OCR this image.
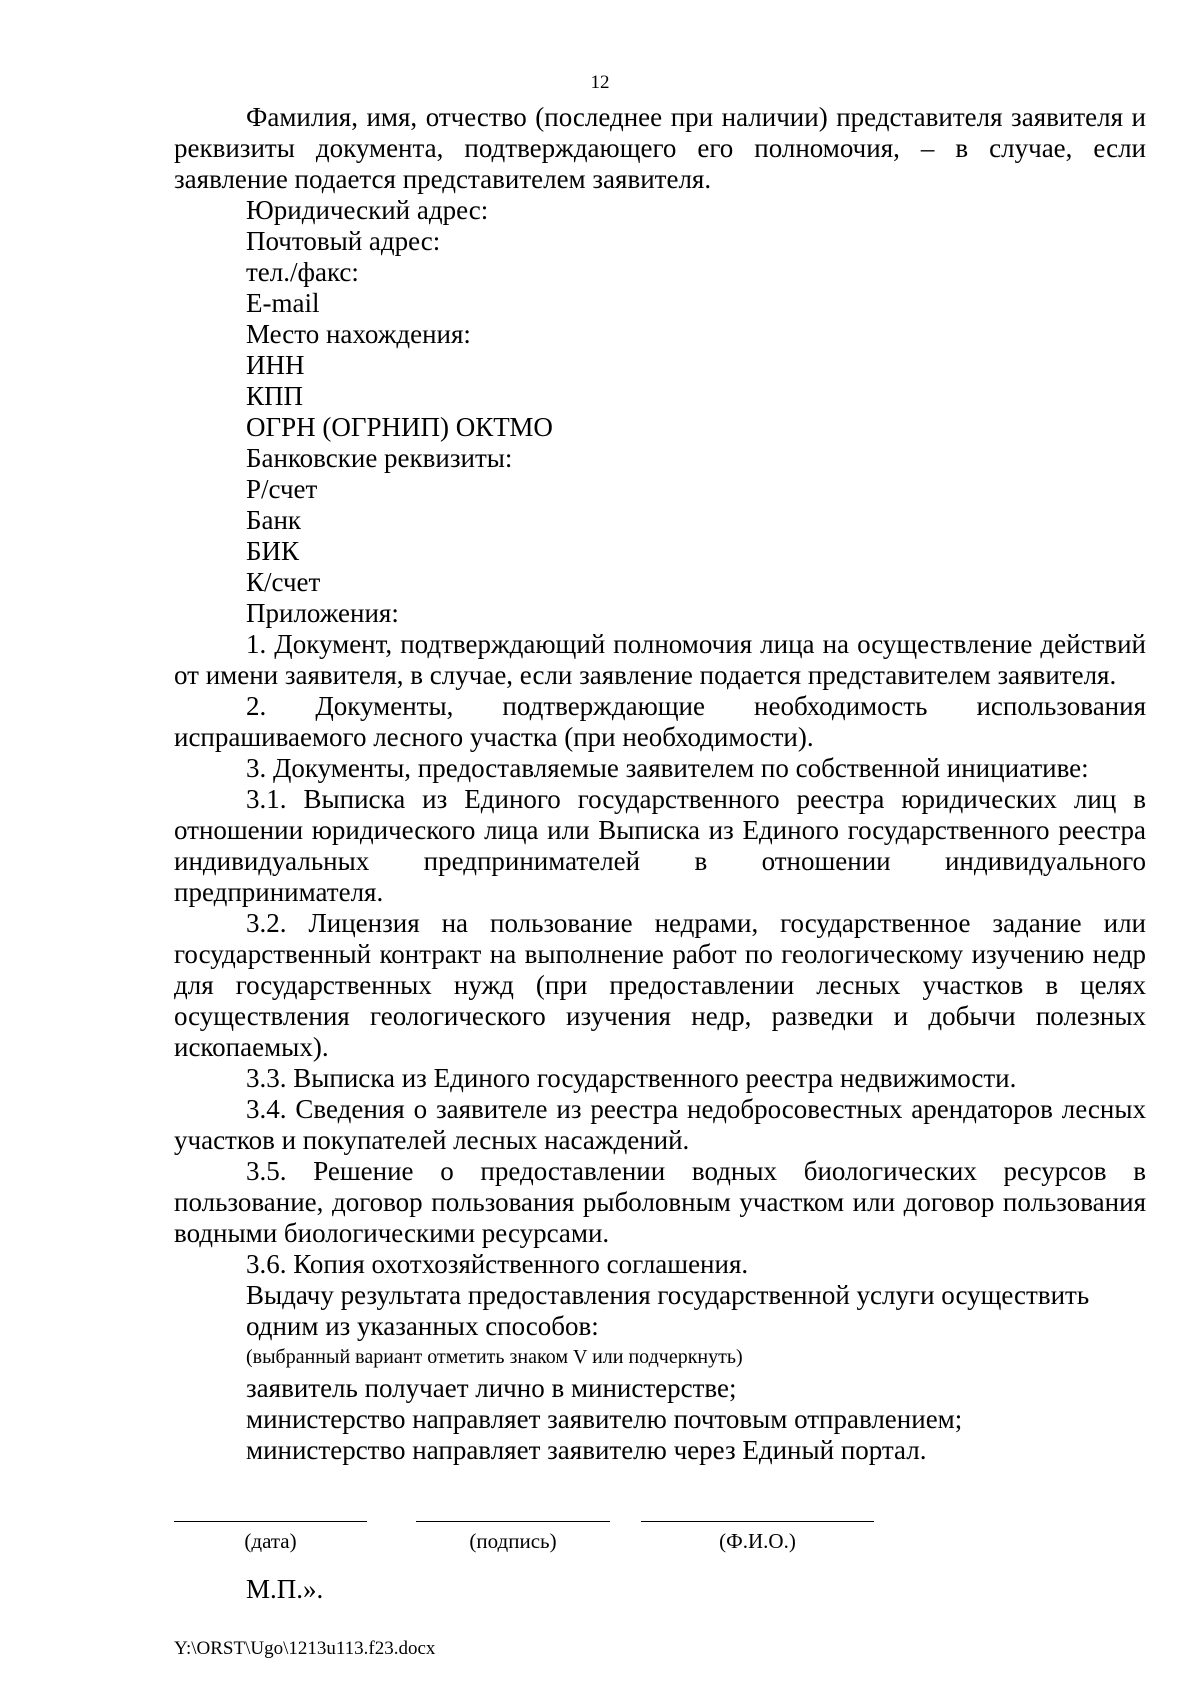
12

Фамилия, имя, отчество (последнее при наличии) представителя заявителя и реквизиты документа, подтверждающего его полномочия, – в случае, если заявление подается представителем заявителя.

Юридический адрес:

Почтовый адрес:

тел./факс:

E-mail

Место нахождения:

ИНН

КПП

ОГРН (ОГРНИП) ОКТМО

Банковские реквизиты:

Р/счет

Банк

БИК

К/счет

Приложения:

1. Документ, подтверждающий полномочия лица на осуществление действий от имени заявителя, в случае, если заявление подается представителем заявителя.

2. Документы, подтверждающие необходимость использования испрашиваемого лесного участка (при необходимости).

3. Документы, предоставляемые заявителем по собственной инициативе:

3.1. Выписка из Единого государственного реестра юридических лиц в отношении юридического лица или Выписка из Единого государственного реестра индивидуальных предпринимателей в отношении индивидуального предпринимателя.

3.2. Лицензия на пользование недрами, государственное задание или государственный контракт на выполнение работ по геологическому изучению недр для государственных нужд (при предоставлении лесных участков в целях осуществления геологического изучения недр, разведки и добычи полезных ископаемых).

3.3. Выписка из Единого государственного реестра недвижимости.

3.4. Сведения о заявителе из реестра недобросовестных арендаторов лесных участков и покупателей лесных насаждений.

3.5. Решение о предоставлении водных биологических ресурсов в пользование, договор пользования рыболовным участком или договор пользования водными биологическими ресурсами.

3.6. Копия охотхозяйственного соглашения.

Выдачу результата предоставления государственной услуги осуществить

одним из указанных способов:

(выбранный вариант отметить знаком V или подчеркнуть)

заявитель получает лично в министерстве;

министерство направляет заявителю почтовым отправлением;

министерство направляет заявителю через Единый портал.

(дата)	(подпись)	(Ф.И.О.)
М.П.».
Y:\ORST\Ugo\1213u113.f23.docx
